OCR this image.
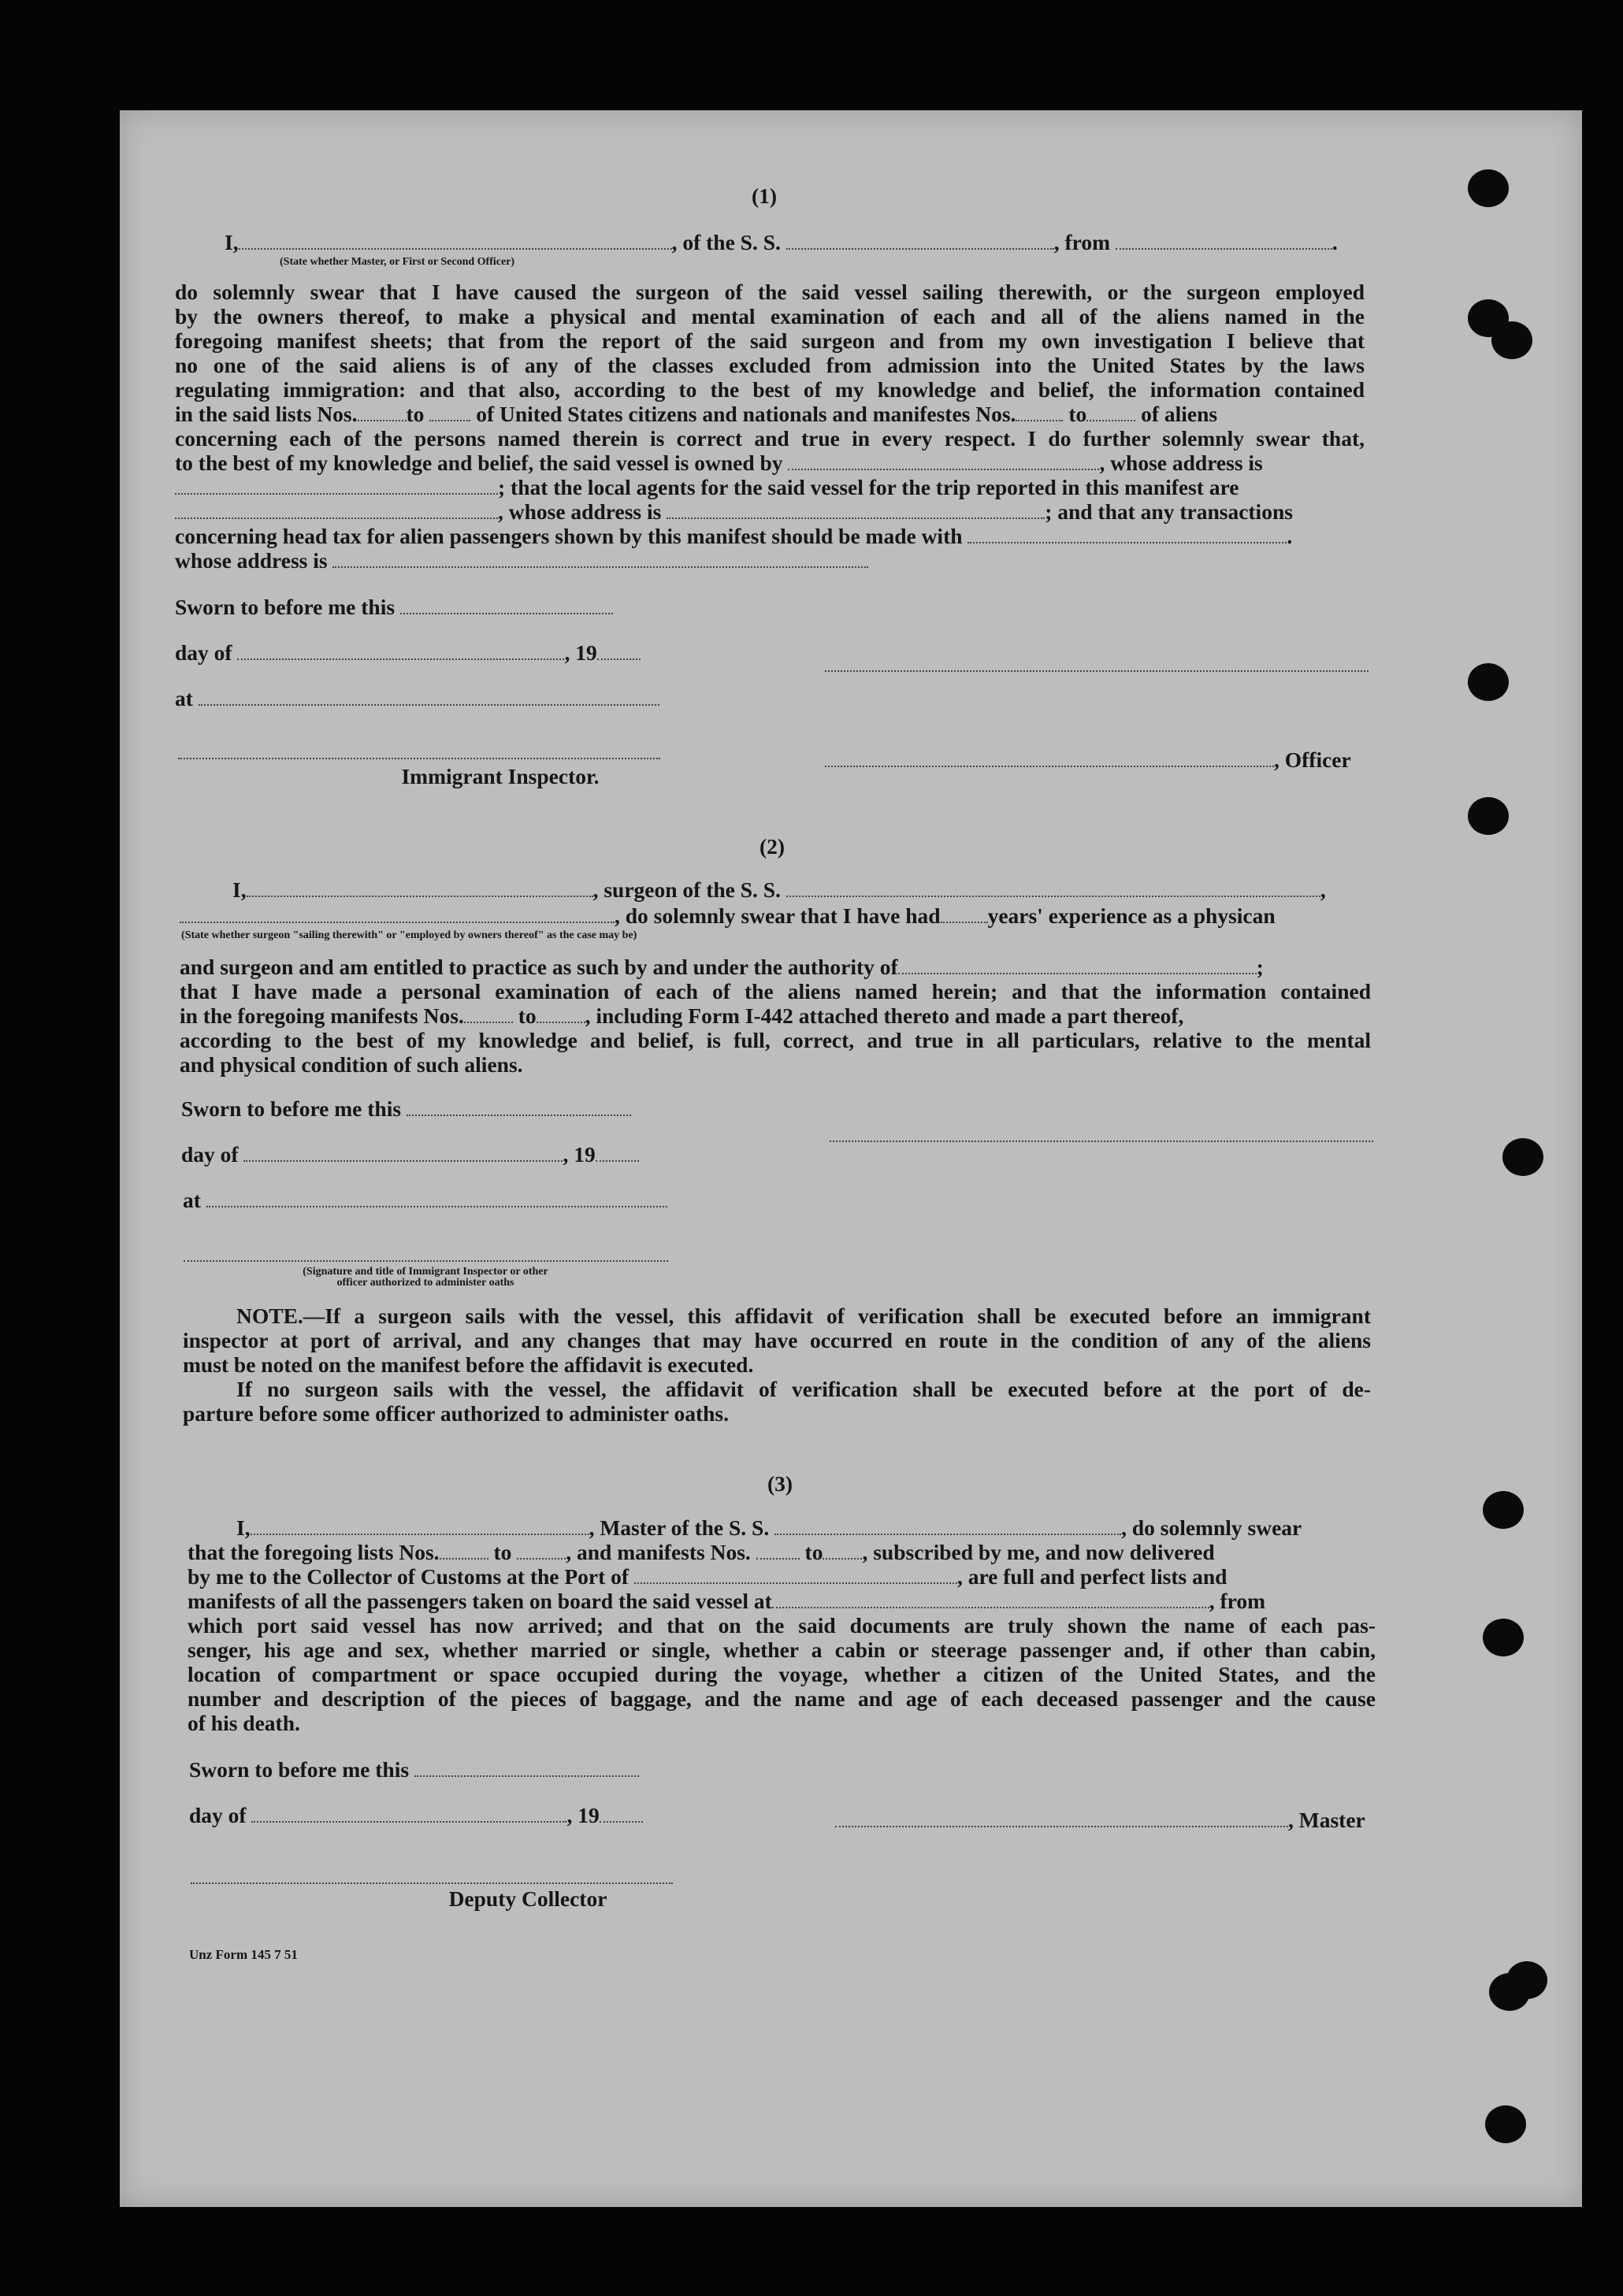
(1)
I,	, of the S. S.	, from	.
(State whether Master, or First or Second Officer)
do solemnly swear that I have caused the surgeon of the said vessel sailing therewith, or the surgeon employed
by the owners thereof, to make a physical and mental examination of each and all of the aliens named in the
foregoing manifest sheets; that from the report of the said surgeon and from my own investigation I believe that
no one of the said aliens is of any of the classes excluded from admission into the United States by the laws
regulating immigration: and that also, according to the best of my knowledge and belief, the information contained
in the said lists Nos. to of United States citizens and nationals and manifestes Nos. to	of aliens
concerning each of the persons named therein is correct and true in every respect. I do further solemnly swear that,
to the best of my knowledge and belief, the said vessel is owned by	, whose address is
; that the local agents for the said vessel for the trip reported in this manifest are
, whose address is	; and that any transactions
concerning head tax for alien passengers shown by this manifest should be made with	.
whose address is
Sworn to before me this
day of	, 19
at
, Officer
Immigrant Inspector.
(2)
I,	, surgeon of the S. S.	,
, do solemnly swear that I have had years' experience as a physican
(State whether surgeon "sailing therewith" or "employed by owners thereof" as the case may be)
and surgeon and am entitled to practice as such by and under the authority of	;
that I have made a personal examination of each of the aliens named herein; and that the information contained
in the foregoing manifests Nos.	to , including Form I-442 attached thereto and made a part thereof,
according to the best of my knowledge and belief, is full, correct, and true in all particulars, relative to the mental
and physical condition of such aliens.
Sworn to before me this
day of	, 19
at
(Signature and title of Immigrant Inspector or other
officer authorized to administer oaths
NOTE.—If a surgeon sails with the vessel, this affidavit of verification shall be executed before an immigrant
inspector at port of arrival, and any changes that may have occurred en route in the condition of any of the aliens
must be noted on the manifest before the affidavit is executed.
If no surgeon sails with the vessel, the affidavit of verification shall be executed before at the port of de-
parture before some officer authorized to administer oaths.
(3)
I,	, Master of the S. S.	, do solemnly swear
that the foregoing lists Nos.	to	, and manifests Nos.	to , subscribed by me, and now delivered
by me to the Collector of Customs at the Port of	, are full and perfect lists and
manifests of all the passengers taken on board the said vessel at	, from
which port said vessel has now arrived; and that on the said documents are truly shown the name of each pas-
senger, his age and sex, whether married or single, whether a cabin or steerage passenger and, if other than cabin,
location of compartment or space occupied during the voyage, whether a citizen of the United States, and the
number and description of the pieces of baggage, and the name and age of each deceased passenger and the cause
of his death.
Sworn to before me this
day of	, 19	, Master
Deputy Collector
Unz Form 145 7 51
